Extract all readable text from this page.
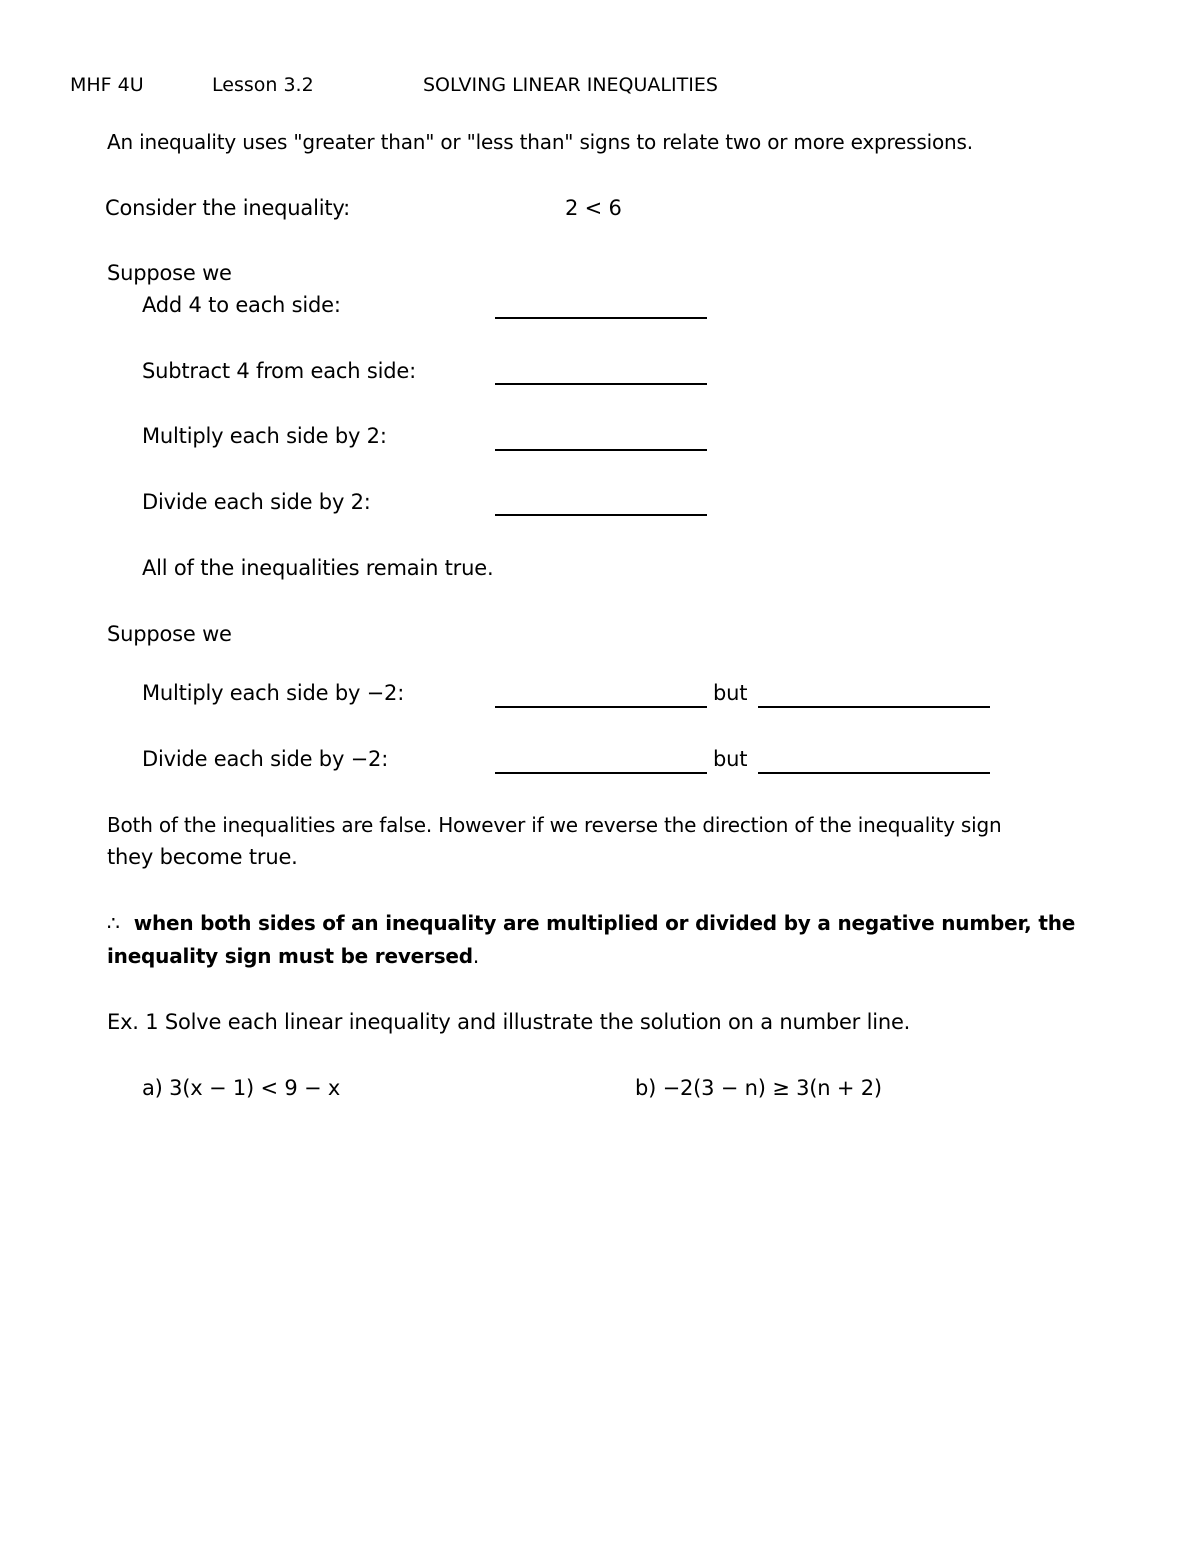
MHF 4U	Lesson 3.2	SOLVING LINEAR INEQUALITIES
An inequality uses "greater than" or "less than" signs to relate two or more expressions.
Consider the inequality:	2 < 6
Suppose we
Add 4 to each side:
Subtract 4 from each side:
Multiply each side by 2:
Divide each side by 2:
All of the inequalities remain true.
Suppose we
Multiply each side by −2:	but
Divide each side by −2:	but
Both of the inequalities are false. However if we reverse the direction of the inequality sign
they become true.
∴ when both sides of an inequality are multiplied or divided by a negative number, the
inequality sign must be reversed.
Ex. 1 Solve each linear inequality and illustrate the solution on a number line.
a) 3(x − 1) < 9 − x	b) −2(3 − n) ≥ 3(n + 2)
